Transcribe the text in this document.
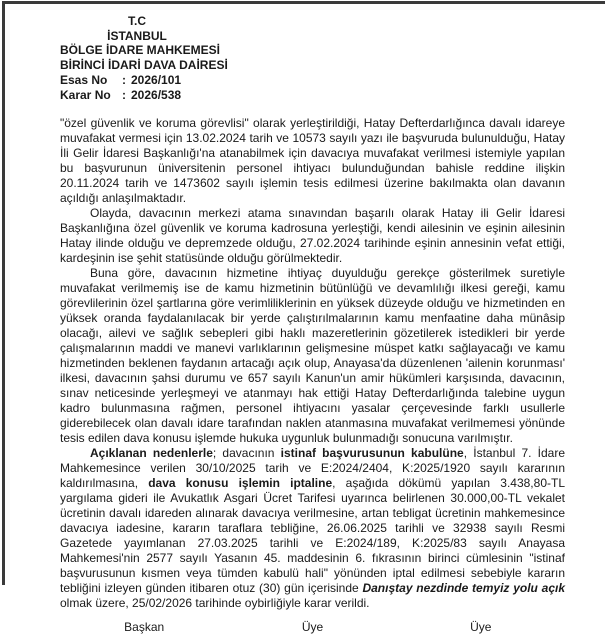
T.C
İSTANBUL
BÖLGE İDARE MAHKEMESİ
BİRİNCİ İDARİ DAVA DAİRESİ
Esas No	: 2026/101
Karar No : 2026/538

"özel güvenlik ve koruma görevlisi" olarak yerleştirildiği, Hatay Defterdarlığınca davalı idareye muvafakat vermesi için 13.02.2024 tarih ve 10573 sayılı yazı ile başvuruda bulunulduğu, Hatay İli Gelir İdaresi Başkanlığı'na atanabilmek için davacıya muvafakat verilmesi istemiyle yapılan bu başvurunun üniversitenin personel ihtiyacı bulunduğundan bahisle reddine ilişkin 20.11.2024 tarih ve 1473602 sayılı işlemin tesis edilmesi üzerine bakılmakta olan davanın açıldığı anlaşılmaktadır.

Olayda, davacının merkezi atama sınavından başarılı olarak Hatay ili Gelir İdaresi Başkanlığına özel güvenlik ve koruma kadrosuna yerleştiği, kendi ailesinin ve eşinin ailesinin Hatay ilinde olduğu ve depremzede olduğu, 27.02.2024 tarihinde eşinin annesinin vefat ettiği, kardeşinin ise şehit statüsünde olduğu görülmektedir.

Buna göre, davacının hizmetine ihtiyaç duyulduğu gerekçe gösterilmek suretiyle muvafakat verilmemiş ise de kamu hizmetinin bütünlüğü ve devamlılığı ilkesi gereği, kamu görevlilerinin özel şartlarına göre verimliliklerinin en yüksek düzeyde olduğu ve hizmetinden en yüksek oranda faydalanılacak bir yerde çalıştırılmalarının kamu menfaatine daha münâsip olacağı, ailevi ve sağlık sebepleri gibi haklı mazeretlerinin gözetilerek istedikleri bir yerde çalışmalarının maddi ve manevi varlıklarının gelişmesine müspet katkı sağlayacağı ve kamu hizmetinden beklenen faydanın artacağı açık olup, Anayasa'da düzenlenen 'ailenin korunması' ilkesi, davacının şahsi durumu ve 657 sayılı Kanun'un amir hükümleri karşısında, davacının, sınav neticesinde yerleşmeyi ve atanmayı hak ettiği Hatay Defterdarlığında talebine uygun kadro bulunmasına rağmen, personel ihtiyacını yasalar çerçevesinde farklı usullerle giderebilecek olan davalı idare tarafından naklen atanmasına muvafakat verilmemesi yönünde tesis edilen dava konusu işlemde hukuka uygunluk bulunmadığı sonucuna varılmıştır.

Açıklanan nedenlerle; davacının istinaf başvurusunun kabulüne, İstanbul 7. İdare Mahkemesince verilen 30/10/2025 tarih ve E:2024/2404, K:2025/1920 sayılı kararının kaldırılmasına, dava konusu işlemin iptaline, aşağıda dökümü yapılan 3.438,80-TL yargılama gideri ile Avukatlık Asgari Ücret Tarifesi uyarınca belirlenen 30.000,00-TL vekalet ücretinin davalı idareden alınarak davacıya verilmesine, artan tebligat ücretinin mahkemesince davacıya iadesine, kararın taraflara tebliğine, 26.06.2025 tarihli ve 32938 sayılı Resmi Gazetede yayımlanan 27.03.2025 tarihli ve E:2024/189, K:2025/83 sayılı Anayasa Mahkemesi'nin 2577 sayılı Yasanın 45. maddesinin 6. fıkrasının birinci cümlesinin "istinaf başvurusunun kısmen veya tümden kabulü hali" yönünden iptal edilmesi sebebiyle kararın tebliğini izleyen günden itibaren otuz (30) gün içerisinde Danıştay nezdinde temyiz yolu açık olmak üzere, 25/02/2026 tarihinde oybirliğiyle karar verildi.

Başkan	Üye	Üye
